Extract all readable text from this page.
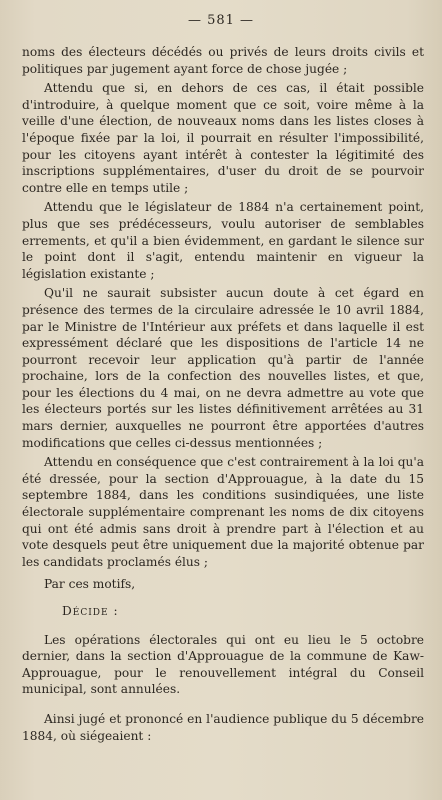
— 581 —

noms des électeurs décédés ou privés de leurs droits civils et politiques par jugement ayant force de chose jugée ;

Attendu que si, en dehors de ces cas, il était possible d'introduire, à quelque moment que ce soit, voire même à la veille d'une élection, de nouveaux noms dans les listes closes à l'époque fixée par la loi, il pourrait en résulter l'impossibilité, pour les citoyens ayant intérêt à contester la légitimité des inscriptions supplémentaires, d'user du droit de se pourvoir contre elle en temps utile ;

Attendu que le législateur de 1884 n'a certainement point, plus que ses prédécesseurs, voulu autoriser de semblables errements, et qu'il a bien évidemment, en gardant le silence sur le point dont il s'agit, entendu maintenir en vigueur la législation existante ;

Qu'il ne saurait subsister aucun doute à cet égard en présence des termes de la circulaire adressée le 10 avril 1884, par le Ministre de l'Intérieur aux préfets et dans laquelle il est expressément déclaré que les dispositions de l'article 14 ne pourront recevoir leur application qu'à partir de l'année prochaine, lors de la confection des nouvelles listes, et que, pour les élections du 4 mai, on ne devra admettre au vote que les électeurs portés sur les listes définitivement arrêtées au 31 mars dernier, auxquelles ne pourront être apportées d'autres modifications que celles ci-dessus mentionnées ;

Attendu en conséquence que c'est contrairement à la loi qu'a été dressée, pour la section d'Approuague, à la date du 15 septembre 1884, dans les conditions susindiquées, une liste électorale supplémentaire comprenant les noms de dix citoyens qui ont été admis sans droit à prendre part à l'élection et au vote desquels peut être uniquement due la majorité obtenue par les candidats proclamés élus ;

Par ces motifs,

Décide :

Les opérations électorales qui ont eu lieu le 5 octobre dernier, dans la section d'Approuague de la commune de Kaw-Approuague, pour le renouvellement intégral du Conseil municipal, sont annulées.

Ainsi jugé et prononcé en l'audience publique du 5 décembre 1884, où siégeaient :
